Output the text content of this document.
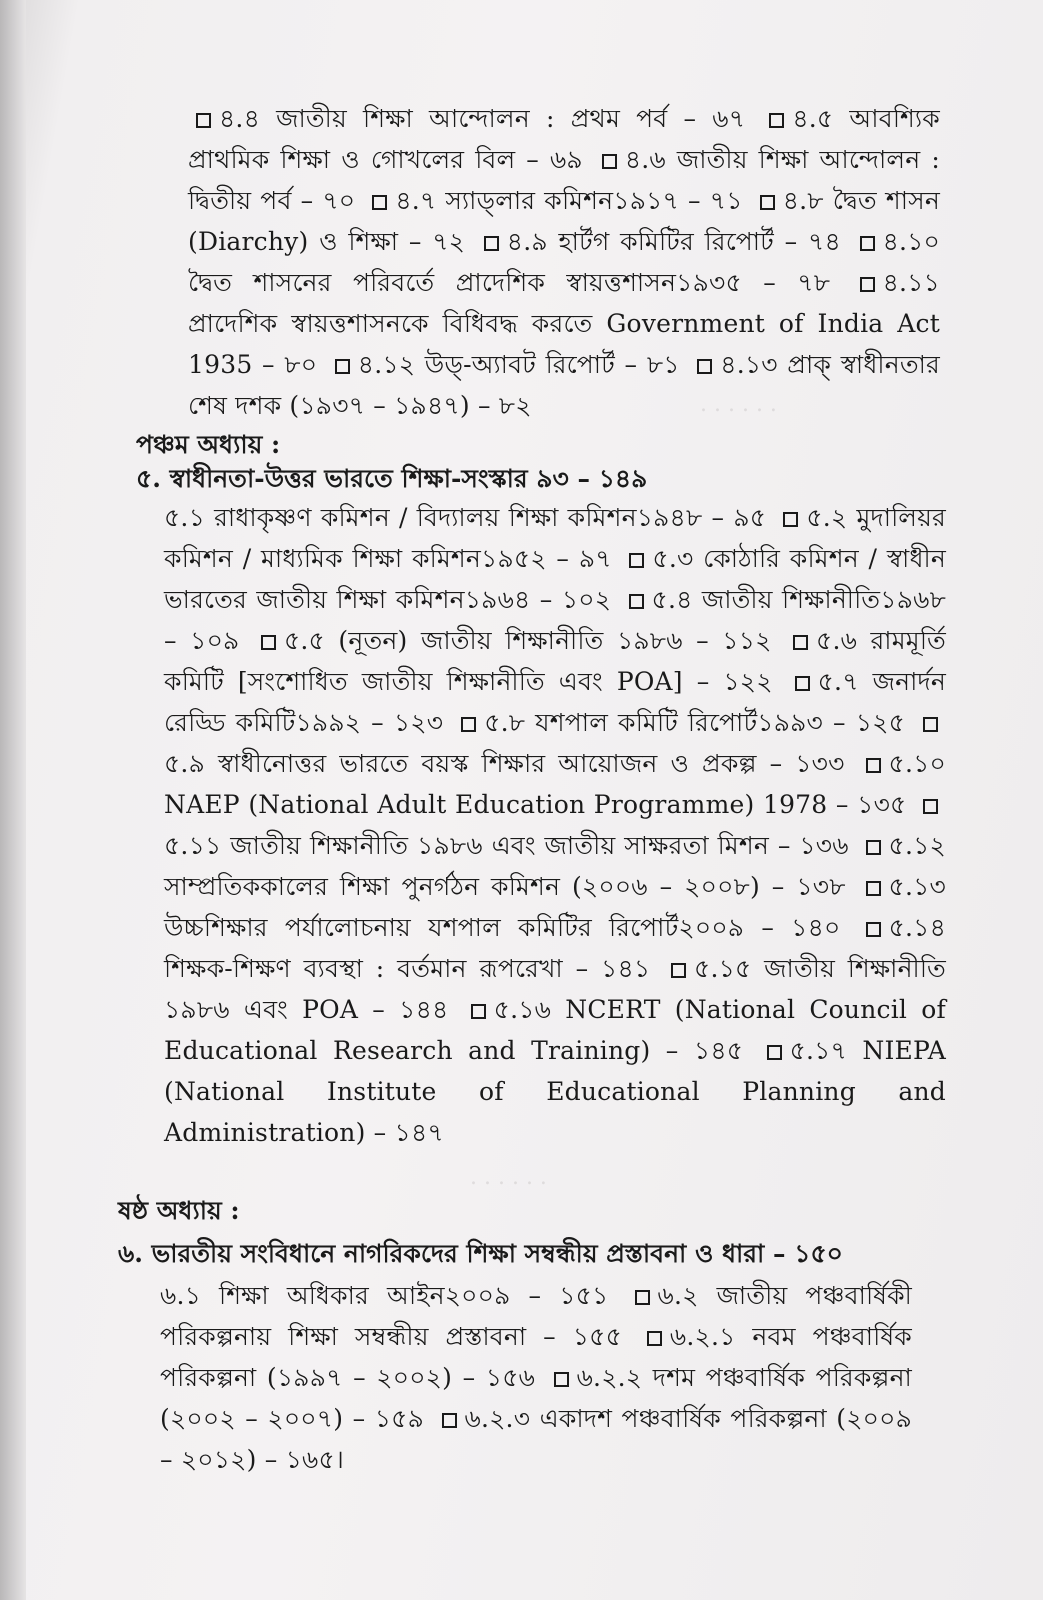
. . . . . .
. . . . . .

৪.৪ জাতীয় শিক্ষা আন্দোলন : প্রথম পর্ব – ৬৭ ৪.৫ আবশ্যিক প্রাথমিক শিক্ষা ও গোখলের বিল – ৬৯ ৪.৬ জাতীয় শিক্ষা আন্দোলন : দ্বিতীয় পর্ব – ৭০ ৪.৭ স্যাড্‌লার কমিশন১৯১৭ – ৭১ ৪.৮ দ্বৈত শাসন (Diarchy) ও শিক্ষা – ৭২ ৪.৯ হার্টগ কমিটির রিপোর্ট – ৭৪ ৪.১০ দ্বৈত শাসনের পরিবর্তে প্রাদেশিক স্বায়ত্তশাসন১৯৩৫ – ৭৮ ৪.১১ প্রাদেশিক স্বায়ত্তশাসনকে বিধিবদ্ধ করতে Government of India Act 1935 – ৮০ ৪.১২ উড্‌-অ্যাবট রিপোর্ট – ৮১ ৪.১৩ প্রাক্ স্বাধীনতার শেষ দশক (১৯৩৭ – ১৯৪৭) – ৮২

পঞ্চম অধ্যায় :
৫. স্বাধীনতা-উত্তর ভারতে শিক্ষা-সংস্কার ৯৩ – ১৪৯

৫.১ রাধাকৃষ্ণণ কমিশন / বিদ্যালয় শিক্ষা কমিশন১৯৪৮ – ৯৫ ৫.২ মুদালিয়র কমিশন / মাধ্যমিক শিক্ষা কমিশন১৯৫২ – ৯৭ ৫.৩ কোঠারি কমিশন / স্বাধীন ভারতের জাতীয় শিক্ষা কমিশন১৯৬৪ – ১০২ ৫.৪ জাতীয় শিক্ষানীতি১৯৬৮ – ১০৯ ৫.৫ (নূতন) জাতীয় শিক্ষানীতি ১৯৮৬ – ১১২ ৫.৬ রামমূর্তি কমিটি [সংশোধিত জাতীয় শিক্ষানীতি এবং POA] – ১২২ ৫.৭ জনার্দন রেড্ডি কমিটি১৯৯২ – ১২৩ ৫.৮ যশপাল কমিটি রিপোর্ট১৯৯৩ – ১২৫ ৫.৯ স্বাধীনোত্তর ভারতে বয়স্ক শিক্ষার আয়োজন ও প্রকল্প – ১৩৩ ৫.১০ NAEP (National Adult Education Programme) 1978 – ১৩৫ ৫.১১ জাতীয় শিক্ষানীতি ১৯৮৬ এবং জাতীয় সাক্ষরতা মিশন – ১৩৬ ৫.১২ সাম্প্রতিককালের শিক্ষা পুনর্গঠন কমিশন (২০০৬ – ২০০৮) – ১৩৮ ৫.১৩ উচ্চশিক্ষার পর্যালোচনায় যশপাল কমিটির রিপোর্ট২০০৯ – ১৪০ ৫.১৪ শিক্ষক-শিক্ষণ ব্যবস্থা : বর্তমান রূপরেখা – ১৪১ ৫.১৫ জাতীয় শিক্ষানীতি ১৯৮৬ এবং POA – ১৪৪ ৫.১৬ NCERT (National Council of Educational Research and Training) – ১৪৫ ৫.১৭ NIEPA (National Institute of Educational Planning and Administration) – ১৪৭

ষষ্ঠ অধ্যায় :
৬. ভারতীয় সংবিধানে নাগরিকদের শিক্ষা সম্বন্ধীয় প্রস্তাবনা ও ধারা – ১৫০

৬.১ শিক্ষা অধিকার আইন২০০৯ – ১৫১ ৬.২ জাতীয় পঞ্চবার্ষিকী পরিকল্পনায় শিক্ষা সম্বন্ধীয় প্রস্তাবনা – ১৫৫ ৬.২.১ নবম পঞ্চবার্ষিক পরিকল্পনা (১৯৯৭ – ২০০২) – ১৫৬ ৬.২.২ দশম পঞ্চবার্ষিক পরিকল্পনা (২০০২ – ২০০৭) – ১৫৯ ৬.২.৩ একাদশ পঞ্চবার্ষিক পরিকল্পনা (২০০৯ – ২০১২) – ১৬৫।
